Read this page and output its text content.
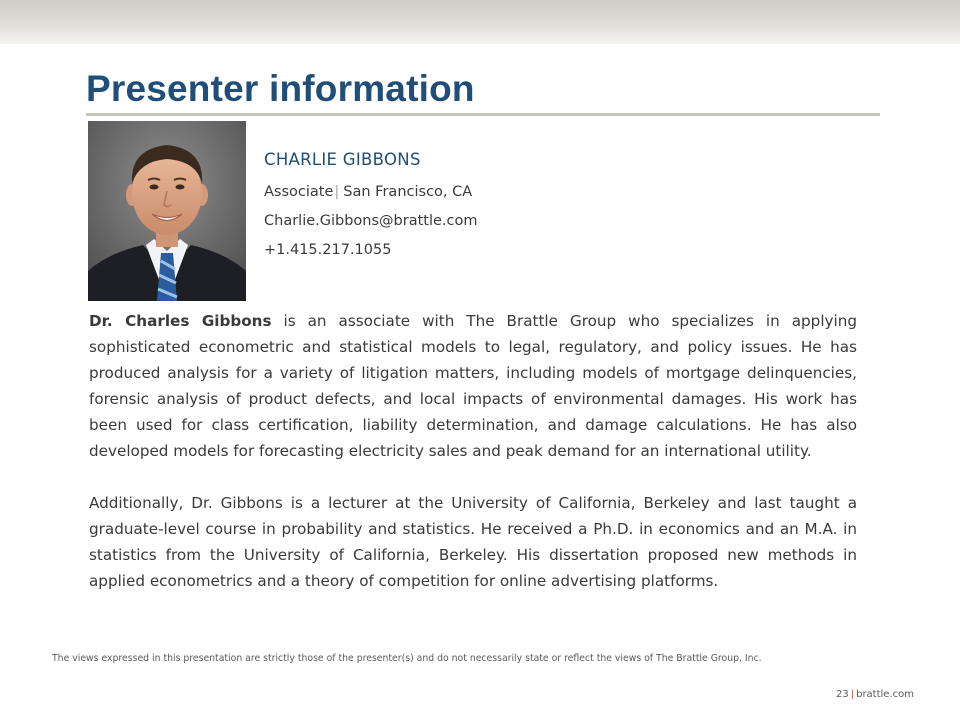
Presenter information
CHARLIE GIBBONS
Associate| San Francisco, CA
Charlie.Gibbons@brattle.com
+1.415.217.1055

Dr. Charles Gibbons is an associate with The Brattle Group who specializes in applying sophisticated econometric and statistical models to legal, regulatory, and policy issues. He has produced analysis for a variety of litigation matters, including models of mortgage delinquencies, forensic analysis of product defects, and local impacts of environmental damages. His work has been used for class certification, liability determination, and damage calculations. He has also developed models for forecasting electricity sales and peak demand for an international utility.

Additionally, Dr. Gibbons is a lecturer at the University of California, Berkeley and last taught a graduate-level course in probability and statistics. He received a Ph.D. in economics and an M.A. in statistics from the University of California, Berkeley. His dissertation proposed new methods in applied econometrics and a theory of competition for online advertising platforms.

The views expressed in this presentation are strictly those of the presenter(s) and do not necessarily state or reflect the views of The Brattle Group, Inc.
23 | brattle.com
